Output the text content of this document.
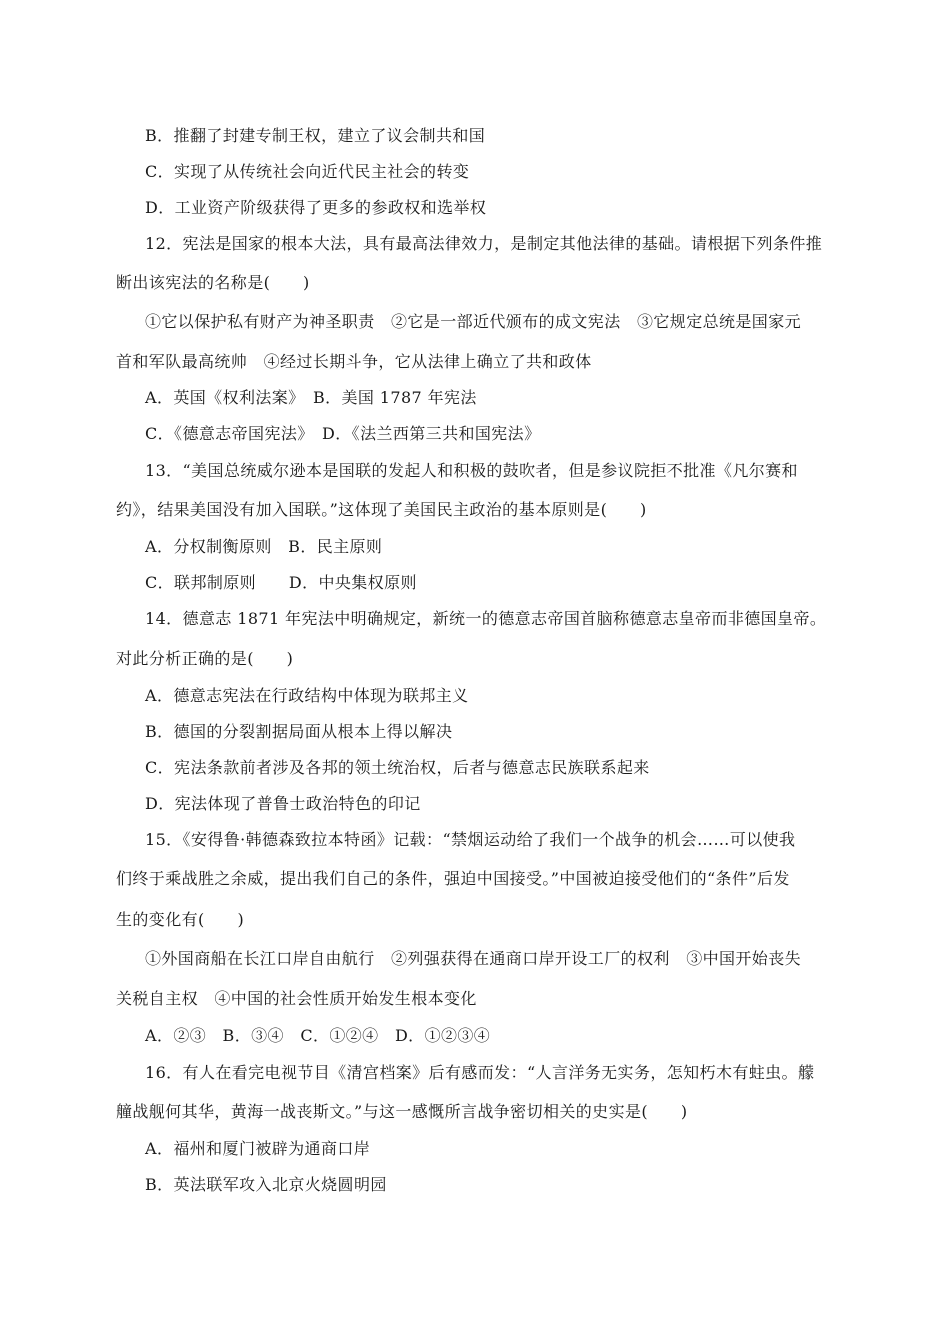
B．推翻了封建专制王权，建立了议会制共和国
C．实现了从传统社会向近代民主社会的转变
D．工业资产阶级获得了更多的参政权和选举权
12．宪法是国家的根本大法，具有最高法律效力，是制定其他法律的基础。请根据下列条件推
断出该宪法的名称是(　　)
①它以保护私有财产为神圣职责　②它是一部近代颁布的成文宪法　③它规定总统是国家元
首和军队最高统帅　④经过长期斗争，它从法律上确立了共和政体
A．英国《权利法案》　B．美国 1787 年宪法
C．《德意志帝国宪法》　D．《法兰西第三共和国宪法》
13．“美国总统威尔逊本是国联的发起人和积极的鼓吹者，但是参议院拒不批准《凡尔赛和
约》，结果美国没有加入国联。”这体现了美国民主政治的基本原则是(　　)
A．分权制衡原则　B．民主原则
C．联邦制原则　　D．中央集权原则
14．德意志 1871 年宪法中明确规定，新统一的德意志帝国首脑称德意志皇帝而非德国皇帝。
对此分析正确的是(　　)
A．德意志宪法在行政结构中体现为联邦主义
B．德国的分裂割据局面从根本上得以解决
C．宪法条款前者涉及各邦的领土统治权，后者与德意志民族联系起来
D．宪法体现了普鲁士政治特色的印记
15．《安得鲁·韩德森致拉本特函》记载：“禁烟运动给了我们一个战争的机会……可以使我
们终于乘战胜之余威，提出我们自己的条件，强迫中国接受。”中国被迫接受他们的“条件”后发
生的变化有(　　)
①外国商船在长江口岸自由航行　②列强获得在通商口岸开设工厂的权利　③中国开始丧失
关税自主权　④中国的社会性质开始发生根本变化
A．②③　B．③④　C．①②④　D．①②③④
16．有人在看完电视节目《清宫档案》后有感而发：“人言洋务无实务，怎知朽木有蛀虫。艨
艟战舰何其华，黄海一战丧斯文。”与这一感慨所言战争密切相关的史实是(　　)
A．福州和厦门被辟为通商口岸
B．英法联军攻入北京火烧圆明园
